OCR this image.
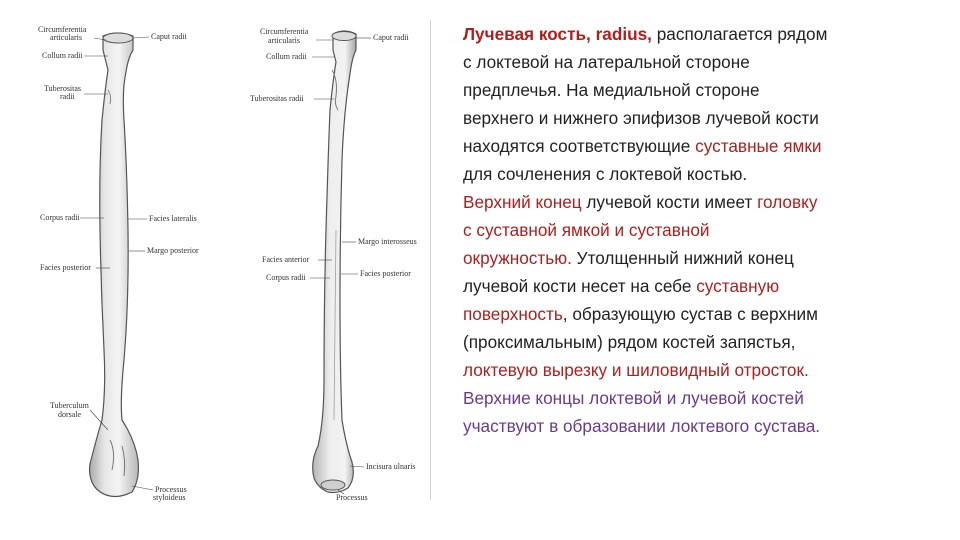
Circumferentia
articularis	Caput radii
Collum radii
Tuberositas
radii
Corpus radii	Facies lateralis
Margo posterior
Facies posterior
Tuberculum
dorsale
Processus
styloideus
Circumferentia
articularis	Caput radii
Collum radii
Tuberositas radii
Margo interosseus
Facies anterior
Corpus radii	Facies posterior
Incisura ulnaris
Processus
Лучевая кость, radius, располагается рядом
с локтевой на латеральной стороне
предплечья. На медиальной стороне
верхнего и нижнего эпифизов лучевой кости
находятся соответствующие суставные ямки
для сочленения с локтевой костью.
Верхний конец лучевой кости имеет головку
с суставной ямкой и суставной
окружностью. Утолщенный нижний конец
лучевой кости несет на себе суставную
поверхность, образующую сустав с верхним
(проксимальным) рядом костей запястья,
локтевую вырезку и шиловидный отросток.
Верхние концы локтевой и лучевой костей
участвуют в образовании локтевого сустава.
